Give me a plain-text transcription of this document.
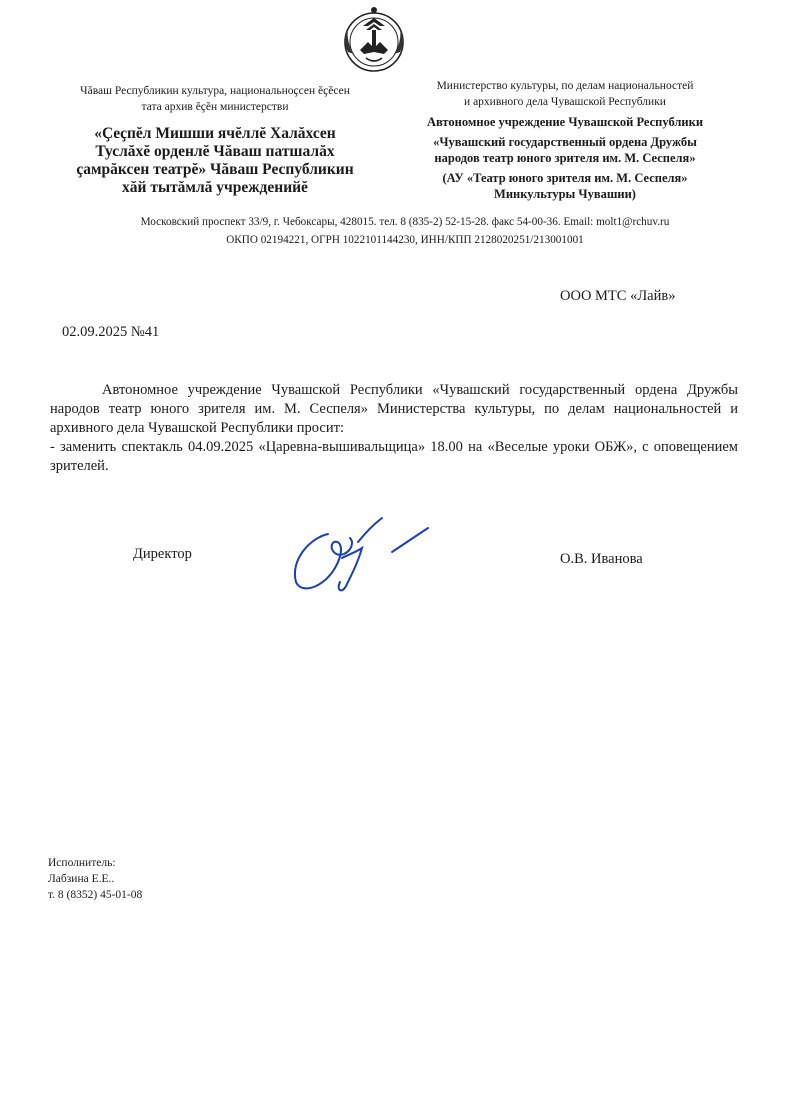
Чăваш Республикин культура, национальноҫсен ĕҫĕсен
тата архив ĕҫĕн министерстви
«Ҫеҫпĕл Мишши ячĕллĕ Халăхсен
Туслăхĕ орденлĕ Чăваш патшалăх
ҫамрăксен театрĕ» Чăваш Республикин
хăй тытăмлă учрежденийĕ
Министерство культуры, по делам национальностей
и архивного дела Чувашской Республики
Автономное учреждение Чувашской Республики
«Чувашский государственный ордена Дружбы
народов театр юного зрителя им. М. Сеспеля»
(АУ «Театр юного зрителя им. М. Сеспеля»
Минкультуры Чувашии)
Московский проспект 33/9, г. Чебоксары, 428015. тел. 8 (835-2) 52-15-28. факс 54-00-36. Email: molt1@rchuv.ru
ОКПО 02194221, ОГРН 1022101144230, ИНН/КПП 2128020251/213001001
ООО МТС «Лайв»
02.09.2025 №41

Автономное учреждение Чувашской Республики «Чувашский государственный ордена Дружбы народов театр юного зрителя им. М. Сеспеля» Министерства культуры, по делам национальностей и архивного дела Чувашской Республики просит:

- заменить спектакль 04.09.2025 «Царевна-вышивальщица» 18.00 на «Веселые уроки ОБЖ», с оповещением зрителей.

Директор	О.В. Иванова
Исполнитель:
Лабзина Е.Е..
т. 8 (8352) 45-01-08
